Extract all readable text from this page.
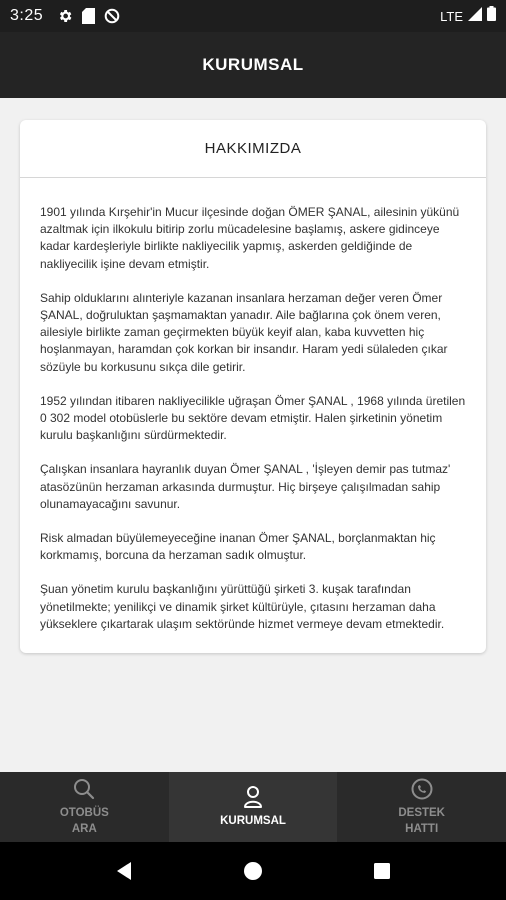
3:25	LTE
KURUMSAL
HAKKIMIZDA

1901 yılında Kırşehir'in Mucur ilçesinde doğan ÖMER ŞANAL, ailesinin yükünü azaltmak için ilkokulu bitirip zorlu mücadelesine başlamış, askere gidinceye kadar kardeşleriyle birlikte nakliyecilik yapmış, askerden geldiğinde de nakliyecilik işine devam etmiştir.

Sahip olduklarını alınteriyle kazanan insanlara herzaman değer veren Ömer ŞANAL, doğruluktan şaşmamaktan yanadır. Aile bağlarına çok önem veren, ailesiyle birlikte zaman geçirmekten büyük keyif alan, kaba kuvvetten hiç hoşlanmayan, haramdan çok korkan bir insandır. Haram yedi sülaleden çıkar sözüyle bu korkusunu sıkça dile getirir.

1952 yılından itibaren nakliyecilikle uğraşan Ömer ŞANAL , 1968 yılında üretilen 0 302 model otobüslerle bu sektöre devam etmiştir. Halen şirketinin yönetim kurulu başkanlığını sürdürmektedir.

Çalışkan insanlara hayranlık duyan Ömer ŞANAL , 'İşleyen demir pas tutmaz' atasözünün herzaman arkasında durmuştur. Hiç birşeye çalışılmadan sahip olunamayacağını savunur.

Risk almadan büyülemeyeceğine inanan Ömer ŞANAL, borçlanmaktan hiç korkmamış, borcuna da herzaman sadık olmuştur.

Şuan yönetim kurulu başkanlığını yürüttüğü şirketi 3. kuşak tarafından yönetilmekte; yenilikçi ve dinamik şirket kültürüyle, çıtasını herzaman daha yükseklere çıkartarak ulaşım sektöründe hizmet vermeye devam etmektedir.

OTOBÜS
ARA
KURUMSAL
DESTEK
HATTI
